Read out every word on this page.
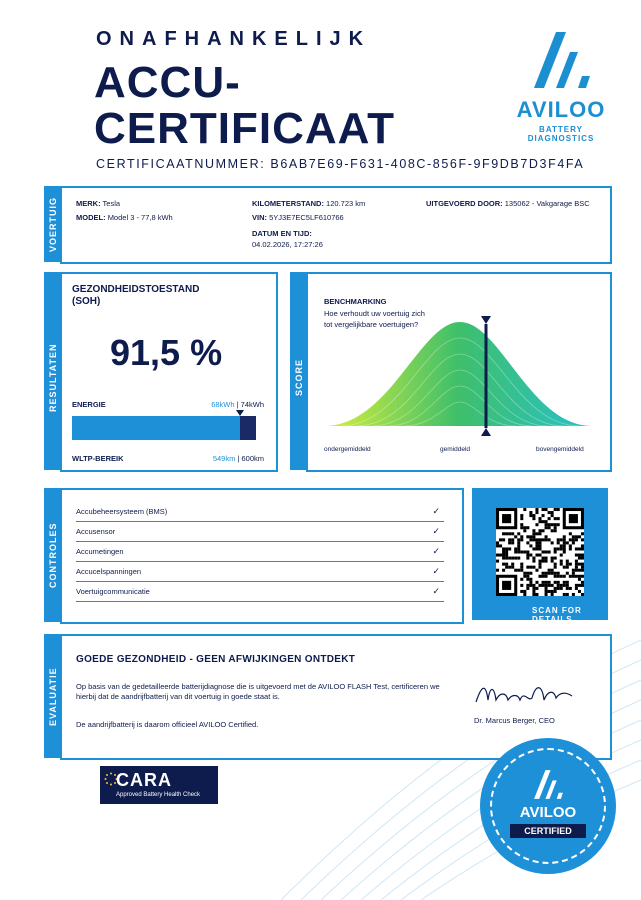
ONAFHANKELIJK
ACCU-
CERTIFICAAT
CERTIFICAATNUMMER: B6AB7E69-F631-408C-856F-9F9DB7D3F4FA
AVILOO
BATTERY DIAGNOSTICS
VOERTUIG MERK: Tesla
MODEL: Model 3 - 77,8 kWh
KILOMETERSTAND: 120.723 km
VIN: 5YJ3E7EC5LF610766
DATUM EN TIJD:
04.02.2026, 17:27:26
UITGEVOERD DOOR: 135062 - Vakgarage BSC
RESULTATEN
GEZONDHEIDSTOESTAND
(SOH)
91,5 %
ENERGIE	68kWh | 74kWh
WLTP-BEREIK	549km | 600km
SCORE
BENCHMARKING
Hoe verhoudt uw voertuig zich tot vergelijkbare voertuigen?
ondergemiddeld	gemiddeld	bovengemiddeld
CONTROLES
Accubeheersysteem (BMS)	✓
Accusensor	✓
Accumetingen	✓
Accucelspanningen	✓
Voertuigcommunicatie	✓
SCAN FOR DETAILS
EVALUATIE
GOEDE GEZONDHEID - GEEN AFWIJKINGEN ONTDEKT
Op basis van de gedetailleerde batterijdiagnose die is uitgevoerd met de AVILOO FLASH Test, certificeren we hierbij dat de aandrijfbatterij van dit voertuig in goede staat is.
De aandrijfbatterij is daarom officieel AVILOO Certified.	Dr. Marcus Berger, CEO
CARA
Approved Battery Health Check
AVILOO
CERTIFIED
